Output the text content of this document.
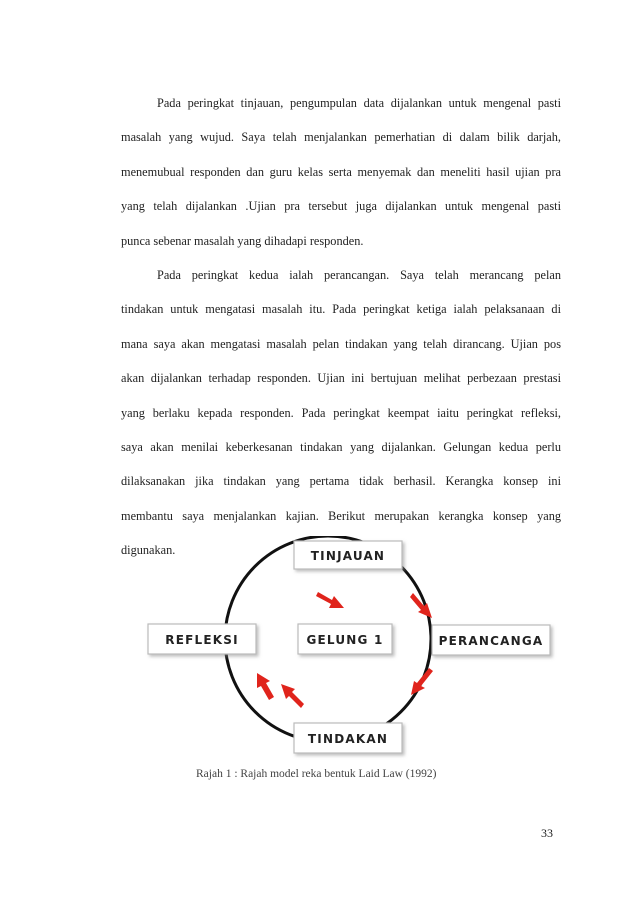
Pada peringkat tinjauan, pengumpulan data dijalankan untuk mengenal pasti
masalah yang wujud. Saya telah menjalankan pemerhatian di dalam bilik darjah,
menemubual responden dan guru kelas serta menyemak dan meneliti hasil ujian pra
yang telah dijalankan .Ujian pra tersebut juga dijalankan untuk mengenal pasti
punca sebenar masalah yang dihadapi responden.

Pada peringkat kedua ialah perancangan. Saya telah merancang pelan
tindakan untuk mengatasi masalah itu. Pada peringkat ketiga ialah pelaksanaan di
mana saya akan mengatasi masalah pelan tindakan yang telah dirancang. Ujian pos
akan dijalankan terhadap responden. Ujian ini bertujuan melihat perbezaan prestasi
yang berlaku kepada responden. Pada peringkat keempat iaitu peringkat refleksi,
saya akan menilai keberkesanan tindakan yang dijalankan. Gelungan kedua perlu
dilaksanakan jika tindakan yang pertama tidak berhasil. Kerangka konsep ini
membantu saya menjalankan kajian. Berikut merupakan kerangka konsep yang
digunakan.

GELUNG 1
TINJAUAN
PERANCANGA
TINDAKAN
REFLEKSI
Rajah 1 : Rajah model reka bentuk Laid Law (1992)
33
